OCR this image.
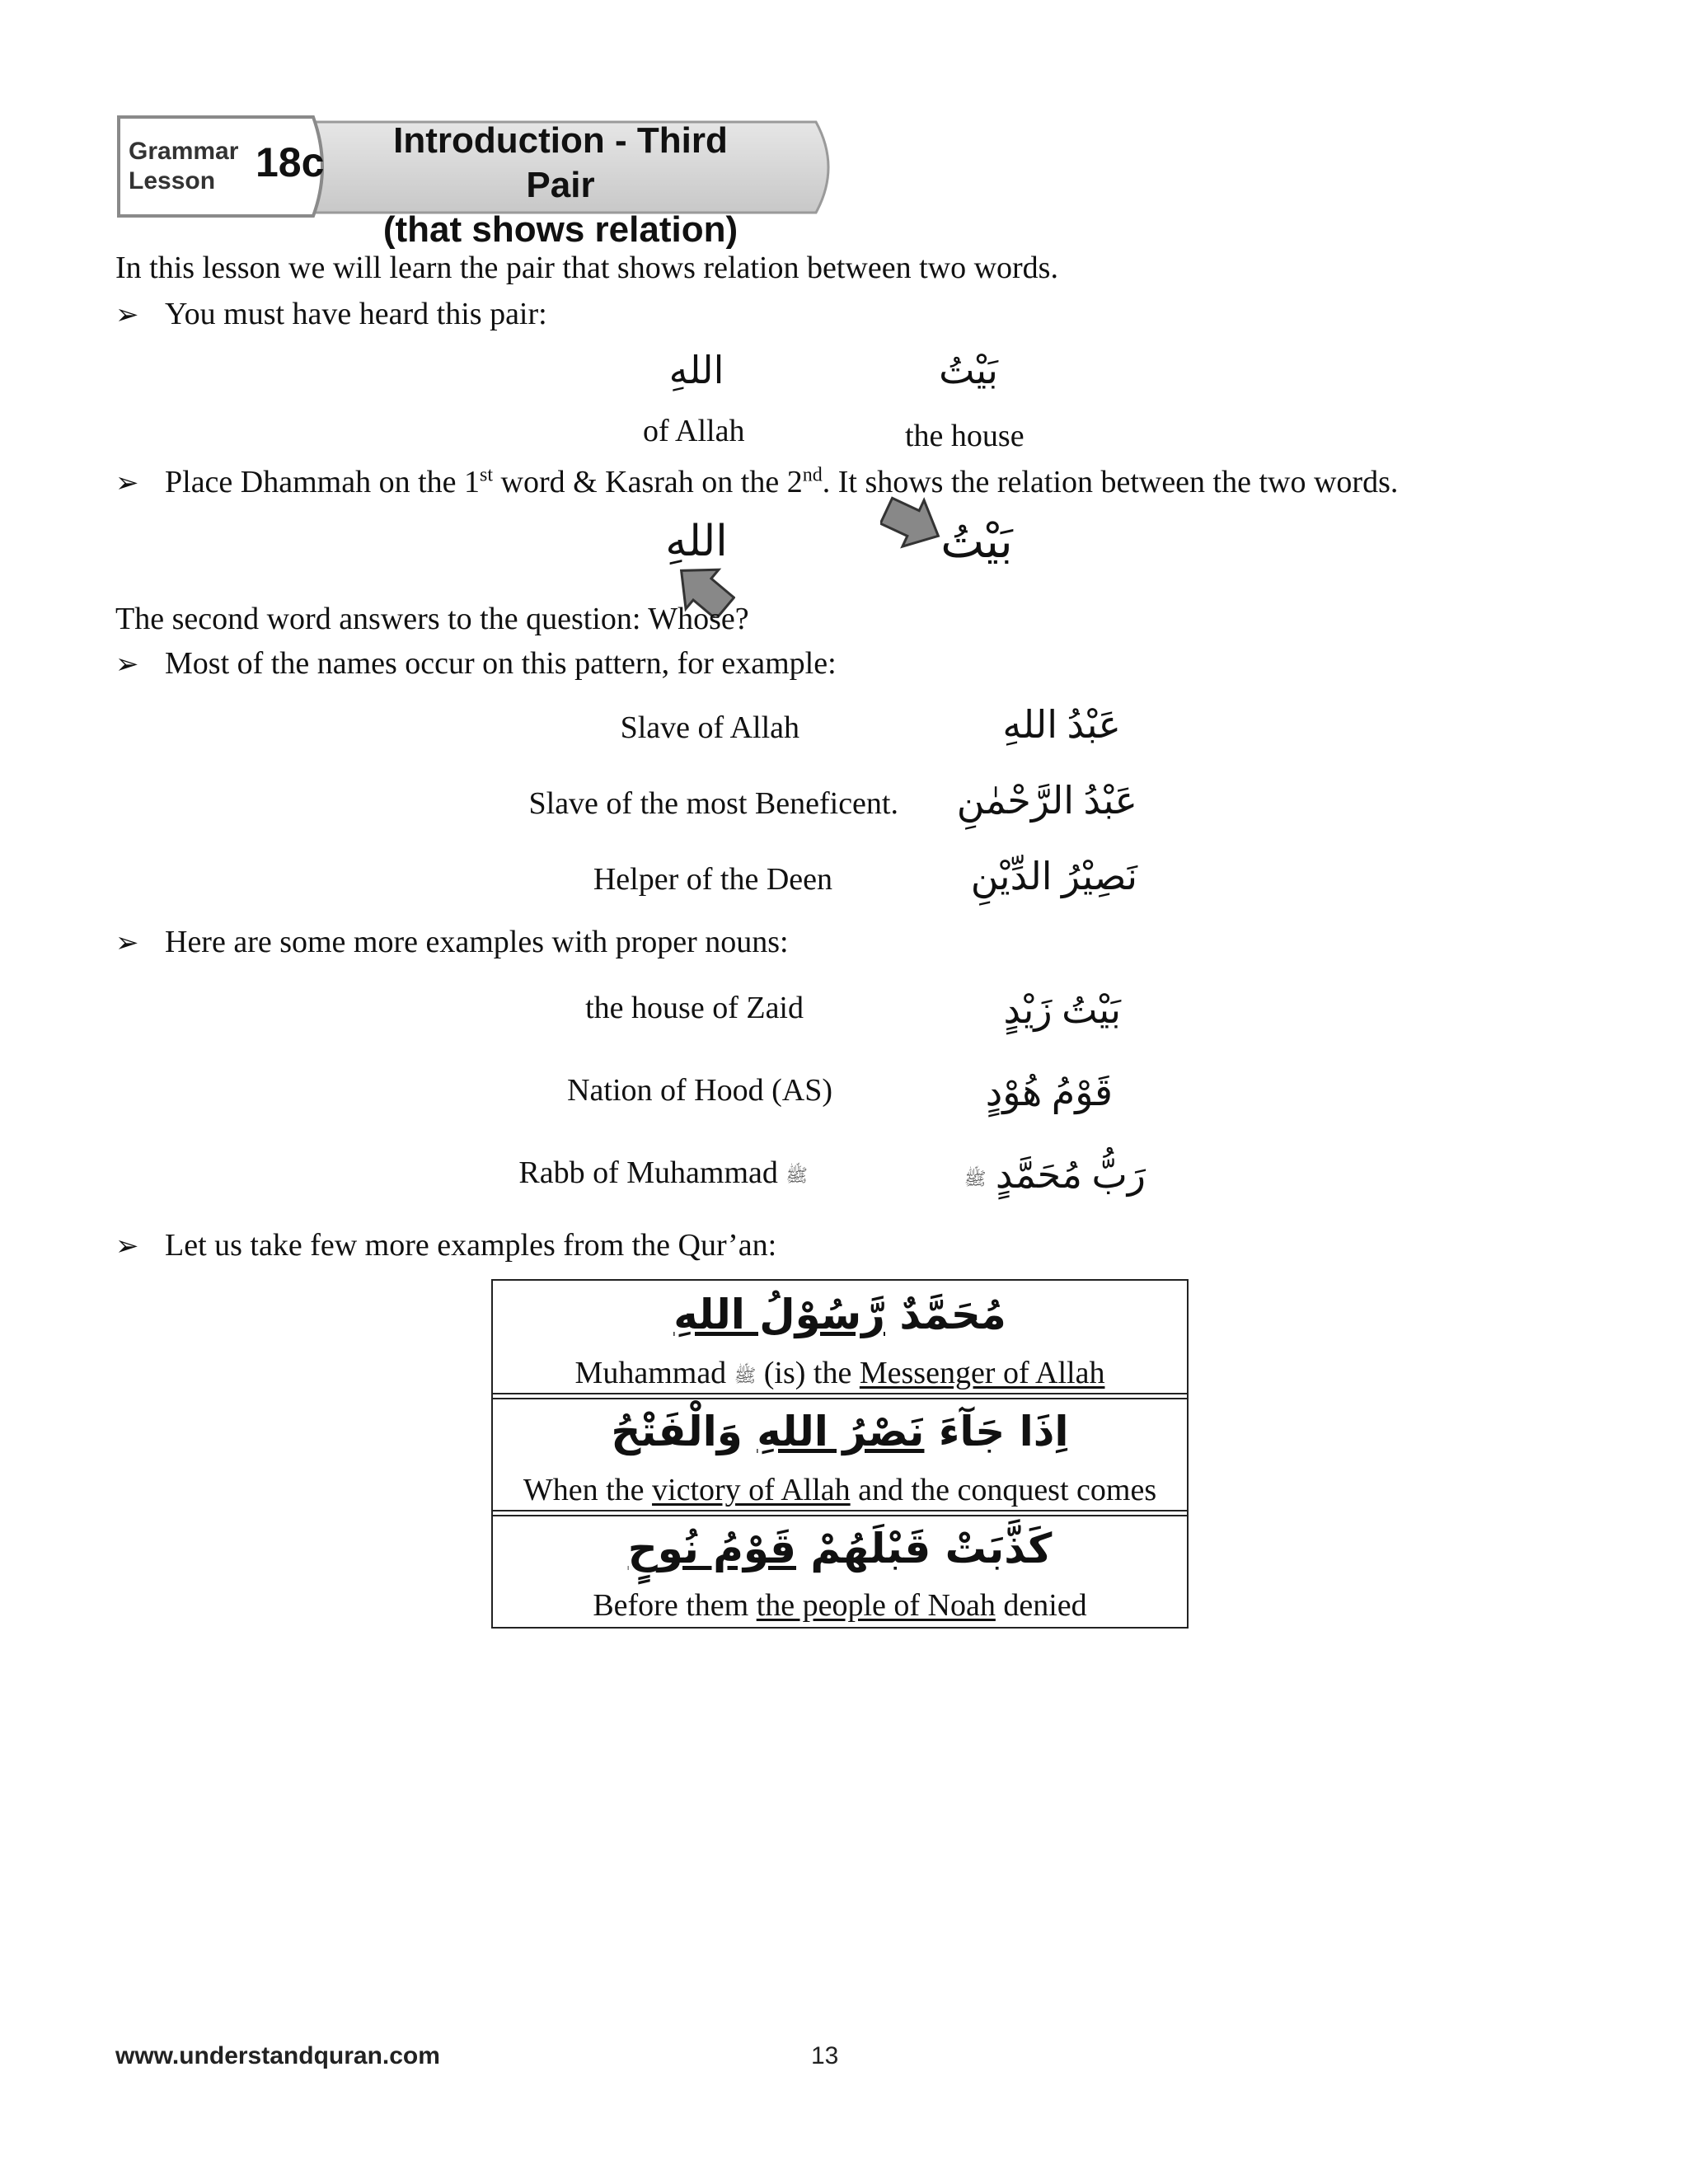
Grammar
Lesson 18c	Introduction - Third Pair
(that shows relation)
In this lesson we will learn the pair that shows relation between two words.
➢ You must have heard this pair:
اللهِ	بَيْتُ
of Allah	the house
➢ Place Dhammah on the 1st word & Kasrah on the 2nd. It shows the relation between the two words.
اللهِ	بَيْتُ
The second word answers to the question: Whose?
➢ Most of the names occur on this pattern, for example:
Slave of Allah	عَبْدُ اللهِ
Slave of the most Beneficent.	عَبْدُ الرَّحْمٰنِ
Helper of the Deen	نَصِيْرُ الدِّيْنِ
➢ Here are some more examples with proper nouns:
the house of Zaid	بَيْتُ زَيْدٍ
Nation of Hood (AS)	قَوْمُ هُوْدٍ
Rabb of Muhammad ﷺ	رَبُّ مُحَمَّدٍ ﷺ
➢ Let us take few more examples from the Qur’an:
مُحَمَّدٌ رَّسُوْلُ اللهِ
Muhammad ﷺ (is) the Messenger of Allah
اِذَا جَآءَ نَصْرُ اللهِ وَالْفَتْحُ
When the victory of Allah and the conquest comes
كَذَّبَتْ قَبْلَهُمْ قَوْمُ نُوحٍ
Before them the people of Noah denied
www.understandquran.com	13
